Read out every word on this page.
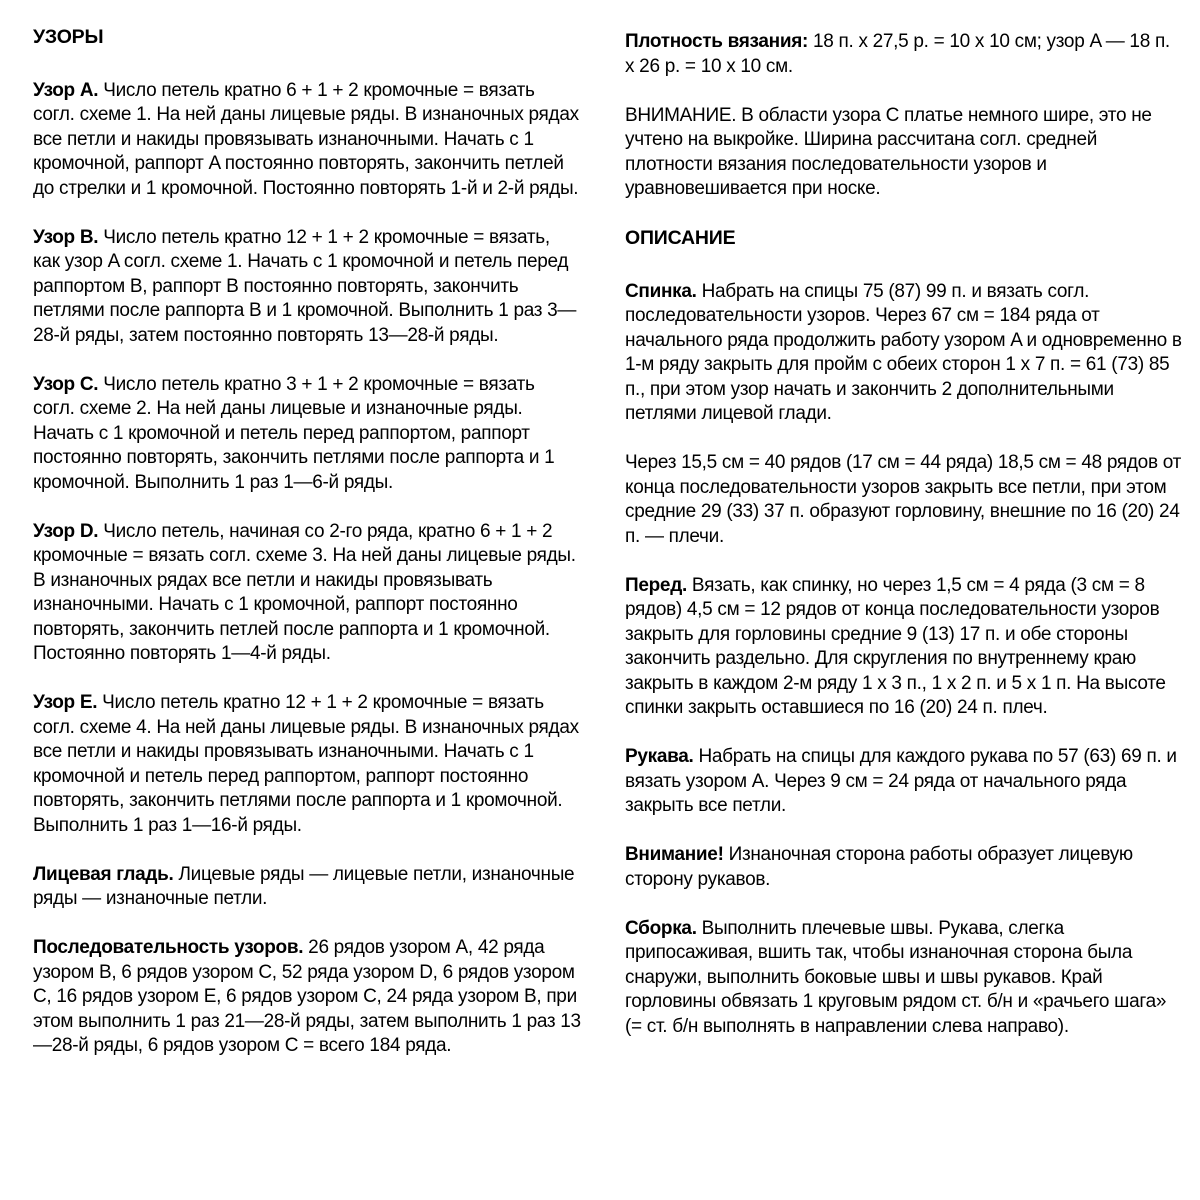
УЗОРЫ

Узор A. Число петель кратно 6 + 1 + 2 кромочные = вязать согл. схеме 1. На ней даны лицевые ряды. В изнаночных рядах все петли и накиды провязывать изнаночными. Начать с 1 кромочной, раппорт A постоянно повторять, закончить петлей до стрелки и 1 кромочной. Постоянно повторять 1-й и 2-й ряды.

Узор B. Число петель кратно 12 + 1 + 2 кромочные = вязать, как узор A согл. схеме 1. Начать с 1 кромочной и петель перед раппортом B, раппорт B постоянно повторять, закончить петлями после раппорта B и 1 кромочной. Выполнить 1 раз 3—28-й ряды, затем постоянно повторять 13—28-й ряды.

Узор C. Число петель кратно 3 + 1 + 2 кромочные = вязать согл. схеме 2. На ней даны лицевые и изнаночные ряды. Начать с 1 кромочной и петель перед раппортом, раппорт постоянно повторять, закончить петлями после раппорта и 1 кромочной. Выполнить 1 раз 1—6-й ряды.

Узор D. Число петель, начиная со 2-го ряда, кратно 6 + 1 + 2 кромочные = вязать согл. схеме 3. На ней даны лицевые ряды. В изнаночных рядах все петли и накиды провязывать изнаночными. Начать с 1 кромочной, раппорт постоянно повторять, закончить петлей после раппорта и 1 кромочной. Постоянно повторять 1—4-й ряды.

Узор E. Число петель кратно 12 + 1 + 2 кромочные = вязать согл. схеме 4. На ней даны лицевые ряды. В изнаночных рядах все петли и накиды провязывать изнаночными. Начать с 1 кромочной и петель перед раппортом, раппорт постоянно повторять, закончить петлями после раппорта и 1 кромочной. Выполнить 1 раз 1—16-й ряды.

Лицевая гладь. Лицевые ряды — лицевые петли, изнаночные ряды — изнаночные петли.

Последовательность узоров. 26 рядов узором A, 42 ряда узором B, 6 рядов узором C, 52 ряда узором D, 6 рядов узором C, 16 рядов узором E, 6 рядов узором C, 24 ряда узором B, при этом выполнить 1 раз 21—28-й ряды, затем выполнить 1 раз 13—28-й ряды, 6 рядов узором C = всего 184 ряда.

Плотность вязания: 18 п. x 27,5 р. = 10 x 10 см; узор A — 18 п. x 26 р. = 10 x 10 см.

ВНИМАНИЕ. В области узора C платье немного шире, это не учтено на выкройке. Ширина рассчитана согл. средней плотности вязания последовательности узоров и уравновешивается при носке.

ОПИСАНИЕ

Спинка. Набрать на спицы 75 (87) 99 п. и вязать согл. последовательности узоров. Через 67 см = 184 ряда от начального ряда продолжить работу узором A и одновременно в 1-м ряду закрыть для пройм с обеих сторон 1 x 7 п. = 61 (73) 85 п., при этом узор начать и закончить 2 дополнительными петлями лицевой глади.

Через 15,5 см = 40 рядов (17 см = 44 ряда) 18,5 см = 48 рядов от конца последовательности узоров закрыть все петли, при этом средние 29 (33) 37 п. образуют горловину, внешние по 16 (20) 24 п. — плечи.

Перед. Вязать, как спинку, но через 1,5 см = 4 ряда (3 см = 8 рядов) 4,5 см = 12 рядов от конца последовательности узоров закрыть для горловины средние 9 (13) 17 п. и обе стороны закончить раздельно. Для скругления по внутреннему краю закрыть в каждом 2-м ряду 1 x 3 п., 1 x 2 п. и 5 x 1 п. На высоте спинки закрыть оставшиеся по 16 (20) 24 п. плеч.

Рукава. Набрать на спицы для каждого рукава по 57 (63) 69 п. и вязать узором A. Через 9 см = 24 ряда от начального ряда закрыть все петли.

Внимание! Изнаночная сторона работы образует лицевую сторону рукавов.

Сборка. Выполнить плечевые швы. Рукава, слегка припосаживая, вшить так, чтобы изнаночная сторона была снаружи, выполнить боковые швы и швы рукавов. Край горловины обвязать 1 круговым рядом ст. б/н и «рачьего шага» (= ст. б/н выполнять в направлении слева направо).
